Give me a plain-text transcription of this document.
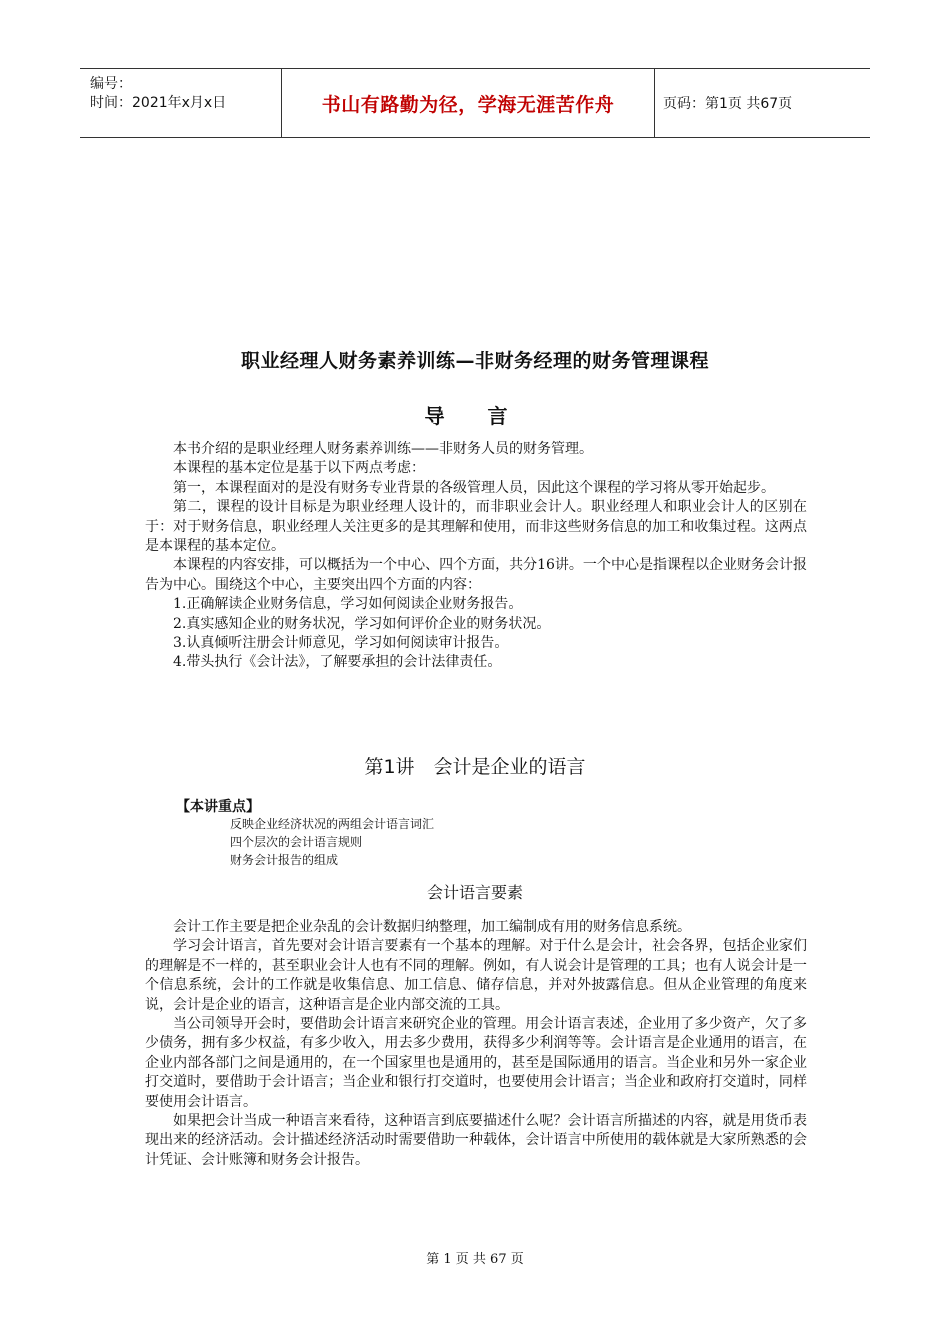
编号：
时间：2021年x月x日	书山有路勤为径，学海无涯苦作舟	页码：第1页 共67页
职业经理人财务素养训练—非财务经理的财务管理课程
导 言

本书介绍的是职业经理人财务素养训练——非财务人员的财务管理。

本课程的基本定位是基于以下两点考虑：

第一，本课程面对的是没有财务专业背景的各级管理人员，因此这个课程的学习将从零开始起步。

第二，课程的设计目标是为职业经理人设计的，而非职业会计人。职业经理人和职业会计人的区别在于：对于财务信息，职业经理人关注更多的是其理解和使用，而非这些财务信息的加工和收集过程。这两点是本课程的基本定位。

本课程的内容安排，可以概括为一个中心、四个方面，共分16讲。一个中心是指课程以企业财务会计报告为中心。围绕这个中心，主要突出四个方面的内容：

1.正确解读企业财务信息，学习如何阅读企业财务报告。

2.真实感知企业的财务状况，学习如何评价企业的财务状况。

3.认真倾听注册会计师意见，学习如何阅读审计报告。

4.带头执行《会计法》，了解要承担的会计法律责任。

第1讲　会计是企业的语言
【本讲重点】
反映企业经济状况的两组会计语言词汇
四个层次的会计语言规则
财务会计报告的组成
会计语言要素

会计工作主要是把企业杂乱的会计数据归纳整理，加工编制成有用的财务信息系统。

学习会计语言，首先要对会计语言要素有一个基本的理解。对于什么是会计，社会各界，包括企业家们的理解是不一样的，甚至职业会计人也有不同的理解。例如，有人说会计是管理的工具；也有人说会计是一个信息系统，会计的工作就是收集信息、加工信息、储存信息，并对外披露信息。但从企业管理的角度来说，会计是企业的语言，这种语言是企业内部交流的工具。

当公司领导开会时，要借助会计语言来研究企业的管理。用会计语言表述，企业用了多少资产，欠了多少债务，拥有多少权益，有多少收入，用去多少费用，获得多少利润等等。会计语言是企业通用的语言，在企业内部各部门之间是通用的，在一个国家里也是通用的，甚至是国际通用的语言。当企业和另外一家企业打交道时，要借助于会计语言；当企业和银行打交道时，也要使用会计语言；当企业和政府打交道时，同样要使用会计语言。

如果把会计当成一种语言来看待，这种语言到底要描述什么呢？会计语言所描述的内容，就是用货币表现出来的经济活动。会计描述经济活动时需要借助一种载体，会计语言中所使用的载体就是大家所熟悉的会计凭证、会计账簿和财务会计报告。

第 1 页 共 67 页
